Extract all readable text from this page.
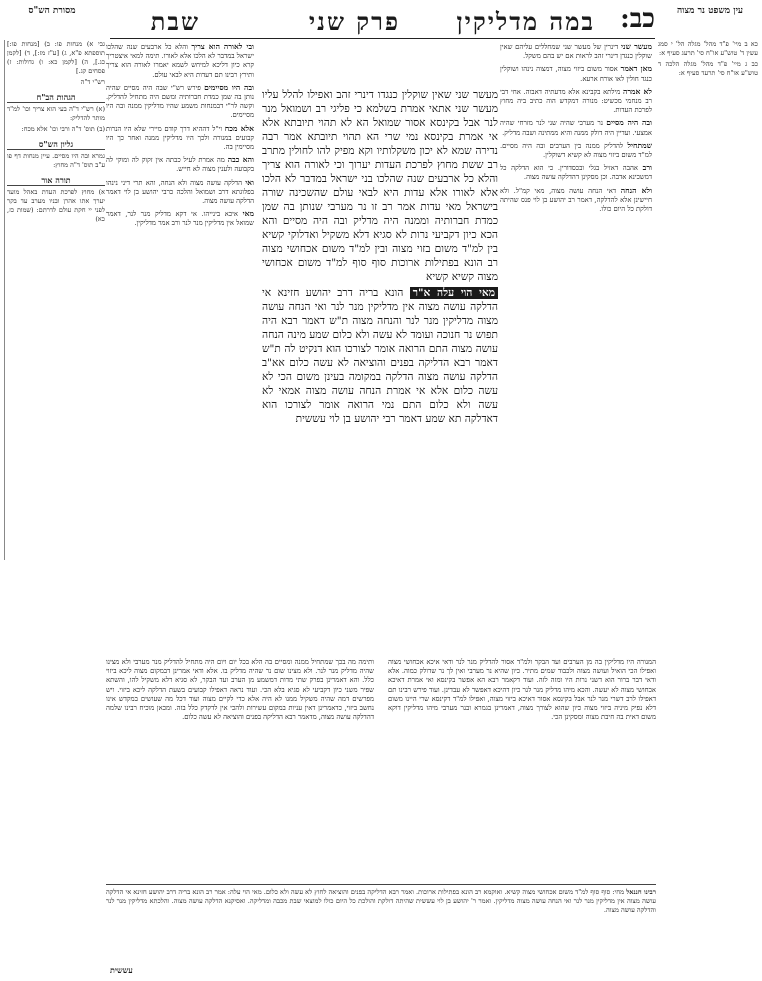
עין משפט נר מצוה
מסורת הש"ס	כב:
במה מדליקין
פרק שני
שבת

כא ב מיי' פ"ד מהל' מגלה הל' י סמג עשין ד' טוש"ע או"ח סי' תרעג סעיף א:

כב ג מיי' פ"ד מהל' מגלה הלכה ד טוש"ע או"ח סי' תרעד סעיף א:

גבי א) מנחות פו: ב) [מנחות פו:] תוספתא פ"א, ג) [ע"ז מז:], ד) [לקמן כג.], ה) [לקמן כא: ו) גדולות: ז) פסחים קג.]

רש"י ד"ה

הגהות הב"ח

(א) רש"י ד"ה בעי הוא צריך וכו' למ"ד מותר להדליק:

(ב) תוס' ד"ה ורבי וכו' אלא מכח:

גליון הש"ס

גמרא ובה היו מסיים. עיין מנחות דף פו ע"ב תוס' ד"ה מחוץ:

תורה אור

א) מחוץ לפרכת העדת באהל מועד יערך אתו אהרן ובניו מערב עד בקר לפני יי חקת עולם לדרתם: (שמות כז, כא)

מעשר שני דינרין של מעשר שני שמחללים עליהם שאין שוקלין כנגדן דינרי זהב לראות אם יש בהם משקל.

מאן דאמר אסור משום ביזוי מצוה, דמצוה נינהו ושוקלין כנגד חולין לאו אורח ארעא.

לא אמרה מילתא בקבינא אלא מדעתיה דאבוה. אחי דבי רב מנחמי מכשיט: מנורה דמקדש הוה כתיב ביה מחוץ לפרכת העדות.

ובה היה מסיים נר מערבי שהיה שני לנר מזרחי שהיה אמצעי. ועדיין היה דולק ממנה והיא ממתינה ושבה מדליק.

שמתחיל להדליק ממנה בין הערבים ובה היה מסיים. למ"ד משום ביזוי מצוה לא קשיא דשוקלין.

ורב אהבה דאזיל בגלי ובכסדורין. כי הוא הדלקה כל דמשכינא אדבה. וכן מסקינן דהדלקה עושה מצוה.

ולא הנחה דאי הנחה עושה מצוה, מאי קמ"ל. ולא חיישינן אלא להדלקה, דאמר רב יהושע בן לוי פנס שהיתה דולקת כל היום כולו.

ובי לאורה הוא צריך והלא כל ארבעים שנה שהלכו ישראל במדבר לא הלכו אלא לאורו. תימה למאי איצטריך קרא כיון דליכא למיחש לשמא יאמרו לאורה הוא צריך ותירץ רבינו תם דעדות היא לבאי עולם.

ובה היו מסיימים פירש רש"י שבה היה מסיים שהיה נותן בה שמן כמדת חברותיה ומשם היה מתחיל להדליק. וקשה לר"י דבמנחות משמע שהיו מדליקין ממנה ובה היו מסיימים.

אלא מכח וי"ל דההיא דרך קודם מיירי שלא היו הנרות קבועים במנורה ולכך היו מדליקין ממנה ואחר כך היו מסיימין בה.

והא כבה מה אמרת לעיל כבתה אין זקוק לה ומוקי לה בקבועה ולענין מצוה לא חייש.

ואי הדלקה עושה מצוה ולא הנחה, והא תרי דיני נינהו בפלוגתא דרב ושמואל והלכה כרבי יהושע בן לוי דאמר הדלקה עושה מצוה.

מאי איכא בינייהו. אי דקא מדליק מנר לנר, דאמר שמואל אין מדליקין מנר לנר ורב אמר מדליקין.

מעשר שני שאין שוקלין כנגדו דינרי זהב ואפילו להלל עליו מעשר שני אתאי אמרת בשלמא כי פליגי רב ושמואל מנר לנר אבל בקינסא אסור שמואל הא לא תהוי תיובתא אלא אי אמרת בקינסא נמי שרי הא תהוי תיובתא אמר רבה נדירה שמא לא יכון משקלותיו וקא מפיק להו לחולין מתרב רב ששת מחוץ לפרכת העדות יערוך וכי לאורה הוא צריך והלא כל ארבעים שנה שהלכו בני ישראל במדבר לא הלכו אלא לאורו אלא עדות היא לבאי עולם שהשכינה שורה בישראל מאי עדות אמר רב זו נר מערבי שנותן בה שמן כמדת חברותיה וממנה היה מדליק ובה היה מסיים והא הכא כיון דקביעי נרות לא סגיא דלא משקיל ואדלוקי קשיא בין למ"ד משום בזוי מצוה ובין למ"ד משום אכחושי מצוה רב הונא בפתילות ארוכות סוף סוף למ"ד משום אכחושי מצוה קשיא קשיא

מאי הוי עלה א"ר הונא בריה דרב יהושע חזינא אי הדלקה עושה מצוה אין מדליקין מנר לנר ואי הנחה עושה מצוה מדליקין מנר לנר והנחה מצוה ת"ש דאמר רבא היה תפוש נר חנוכה ועומד לא עשה ולא כלום שמע מינה הנחה עושה מצוה התם הרואה אומר לצורכו הוא דנקיט לה ת"ש דאמר רבא הדליקה בפנים והוציאה לא עשה כלום אא"ב הדלקה עושה מצוה הדלקה במקומה בעינן משום הכי לא עשה כלום אלא אי אמרת הנחה עושה מצוה אמאי לא עשה ולא כלום התם נמי הרואה אומר לצורכו הוא דאדלקה תא שמע דאמר רבי יהושע בן לוי עששית

המנורה היו מדליקין בה מן הערבים ועד הבקר ולמ"ד אסור להדליק מנר לנר ודאי איכא אכחושי מצוה ואפילו הכי הואיל ועושה מצוה ולכבוד שמים מתיר. כיון שהיא נר מערבי ואין לך נר שדולק כמוה. אלא ודאי דבר ברור הוא דשני נרות היו ומזה לזה. ועוד דקאמר רבא הא אפשר בקינסא ואי אמרת דאיכא אכחושי מצוה לא יעשה. והכא מיהו מדליק מנר לנר כיון דהיכא דאפשר לא עבדינן. ועוד פירש רבינו תם דאפילו לרב דשרי מנר לנר אבל בקינסא אסור דאיכא ביזוי מצוה, ואפילו למ"ד דקינסא שרי היינו משום דלא נפיק מיניה ביזוי מצוה כיון שהוא לצורך מצוה, דאמרינן בגמרא ובנר מערבי מיהו מדליקין דוקא משום דאית בה חיבת מצוה ומסקינן הכי.
ותימה מה בכך שמתחיל ממנה ומסיים בה הלא בכל יום ויום היה מתחיל להדליק מנר מערבי ולא מצינו שהיה מדליק מנר לנר. ולא מצינו שום נר שהיה מדליק בו. אלא ודאי אמרינן דבמקום מצוה ליכא ביזוי כלל. והא דאמרינן בפרק שתי מדות דמשמע מן הערב ועד הבקר, לא סגיא דלא משקיל להו, והשתא שפיר משני כיון דקביעי לא סגיא בלא הכי. ועוד נראה דאפילו קבועים בשעת הדלקה ליכא ביזוי. ויש מפרשים דמה שהיה משקיל ממנו לא היה אלא כדי לקיים מצוה ועוד דכל מה שעושים במקדש אינו נחשב ביזוי, כדאמרינן דאין עניות במקום עשירות ולהכי אין לדקדק כלל בזה. ומכאן מוכיח רבינו שלמה דהדלקה עושה מצוה, מדאמר רבא הדליקה בפנים והוציאה לא עשה כלום.
רבינו חננאל מחי: סוף סוף למ"ד משום אכחושי מצוה קשיא. ואוקמא רב הונא בפתילות ארוכות. ואמר רבא הדליקה בפנים והוציאה לחוץ לא עשה ולא כלום. מאי הוי עלה: אמר רב הונא בריה דרב יהושע חזינא אי הדלקה עושה מצוה אין מדליקין מנר לנר ואי הנחה עושה מצוה מדליקין. ואמר ר' יהושע בן לוי עששית שהיתה דולקת והולכת כל היום כולו למוצאי שבת מכבה ומדליקה. ואסיקנא הדלקה עושה מצוה. והלכתא מדליקין מנר לנר והדלקה עושה מצוה.
עששית
